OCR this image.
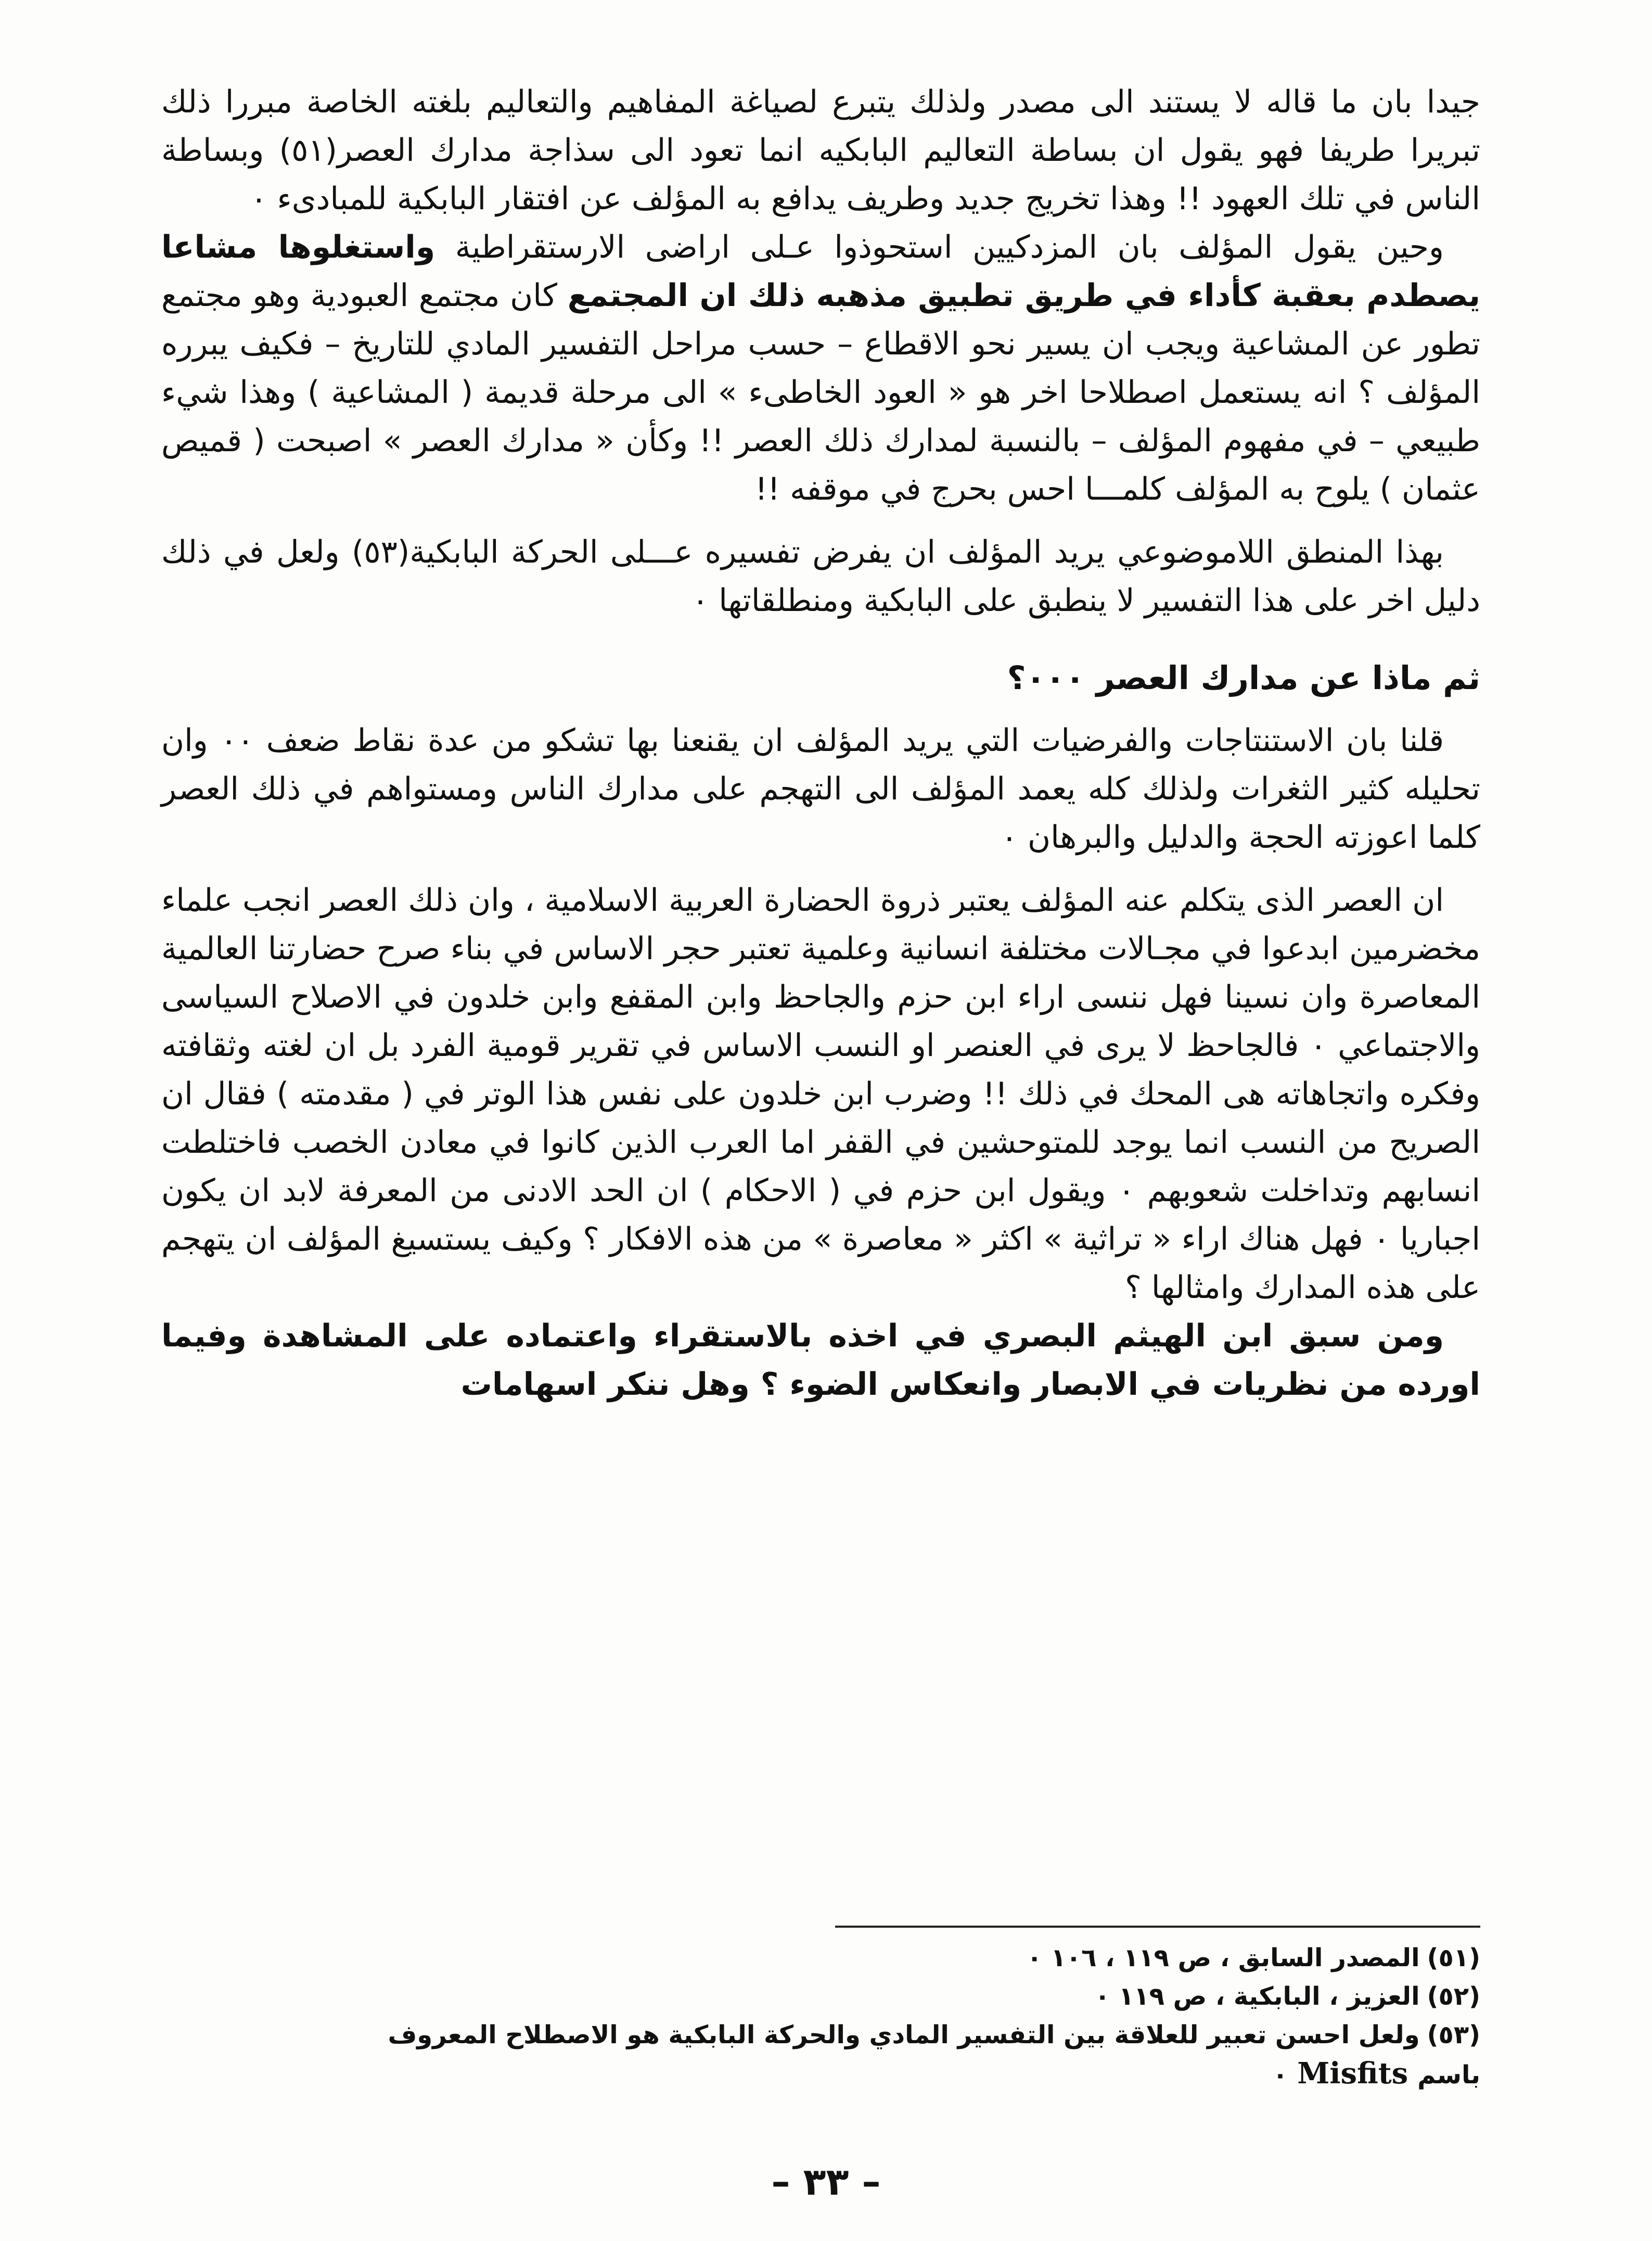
جيدا بان ما قاله لا يستند الى مصدر ولذلك يتبرع لصياغة المفاهيم والتعاليم بلغته الخاصة مبررا ذلك تبريرا طريفا فهو يقول ان بساطة التعاليم البابكيه انما تعود الى سذاجة مدارك العصر(٥١) وبساطة الناس في تلك العهود !! وهذا تخريج جديد وطريف يدافع به المؤلف عن افتقار البابكية للمبادىء ٠

وحين يقول المؤلف بان المزدكيين استحوذوا عـلى اراضى الارستقراطية واستغلوها مشاعا يصطدم بعقبة كأداء في طريق تطبيق مذهبه ذلك ان المجتمع كان مجتمع العبودية وهو مجتمع تطور عن المشاعية ويجب ان يسير نحو الاقطاع – حسب مراحل التفسير المادي للتاريخ – فكيف يبرره المؤلف ؟ انه يستعمل اصطلاحا اخر هو « العود الخاطىء » الى مرحلة قديمة ( المشاعية ) وهذا شيء طبيعي – في مفهوم المؤلف – بالنسبة لمدارك ذلك العصر !! وكأن « مدارك العصر » اصبحت ( قميص عثمان ) يلوح به المؤلف كلمـــا احس بحرج في موقفه !!

بهذا المنطق اللاموضوعي يريد المؤلف ان يفرض تفسيره عـــلى الحركة البابكية(٥٣) ولعل في ذلك دليل اخر على هذا التفسير لا ينطبق على البابكية ومنطلقاتها ٠

ثم ماذا عن مدارك العصر ٠٠٠؟

قلنا بان الاستنتاجات والفرضيات التي يريد المؤلف ان يقنعنا بها تشكو من عدة نقاط ضعف ٠٠ وان تحليله كثير الثغرات ولذلك كله يعمد المؤلف الى التهجم على مدارك الناس ومستواهم في ذلك العصر كلما اعوزته الحجة والدليل والبرهان ٠

ان العصر الذى يتكلم عنه المؤلف يعتبر ذروة الحضارة العربية الاسلامية ، وان ذلك العصر انجب علماء مخضرمين ابدعوا في مجـالات مختلفة انسانية وعلمية تعتبر حجر الاساس في بناء صرح حضارتنا العالمية المعاصرة وان نسينا فهل ننسى اراء ابن حزم والجاحظ وابن المقفع وابن خلدون في الاصلاح السياسى والاجتماعي ٠ فالجاحظ لا يرى في العنصر او النسب الاساس في تقرير قومية الفرد بل ان لغته وثقافته وفكره واتجاهاته هى المحك في ذلك !! وضرب ابن خلدون على نفس هذا الوتر في ( مقدمته ) فقال ان الصريح من النسب انما يوجد للمتوحشين في القفر اما العرب الذين كانوا في معادن الخصب فاختلطت انسابهم وتداخلت شعوبهم ٠ ويقول ابن حزم في ( الاحكام ) ان الحد الادنى من المعرفة لابد ان يكون اجباريا ٠ فهل هناك اراء « تراثية » اكثر « معاصرة » من هذه الافكار ؟ وكيف يستسيغ المؤلف ان يتهجم على هذه المدارك وامثالها ؟

ومن سبق ابن الهيثم البصري في اخذه بالاستقراء واعتماده على المشاهدة وفيما اورده من نظريات في الابصار وانعكاس الضوء ؟ وهل ننكر اسهامات

(٥١)المصدر السابق ، ص ١١٩ ، ١٠٦ ٠

(٥٢)العزيز ، البابكية ، ص ١١٩ ٠

(٥٣)ولعل احسن تعبير للعلاقة بين التفسير المادي والحركة البابكية هو الاصطلاح المعروف

باسمMisfits٠

– ٣٣ –
